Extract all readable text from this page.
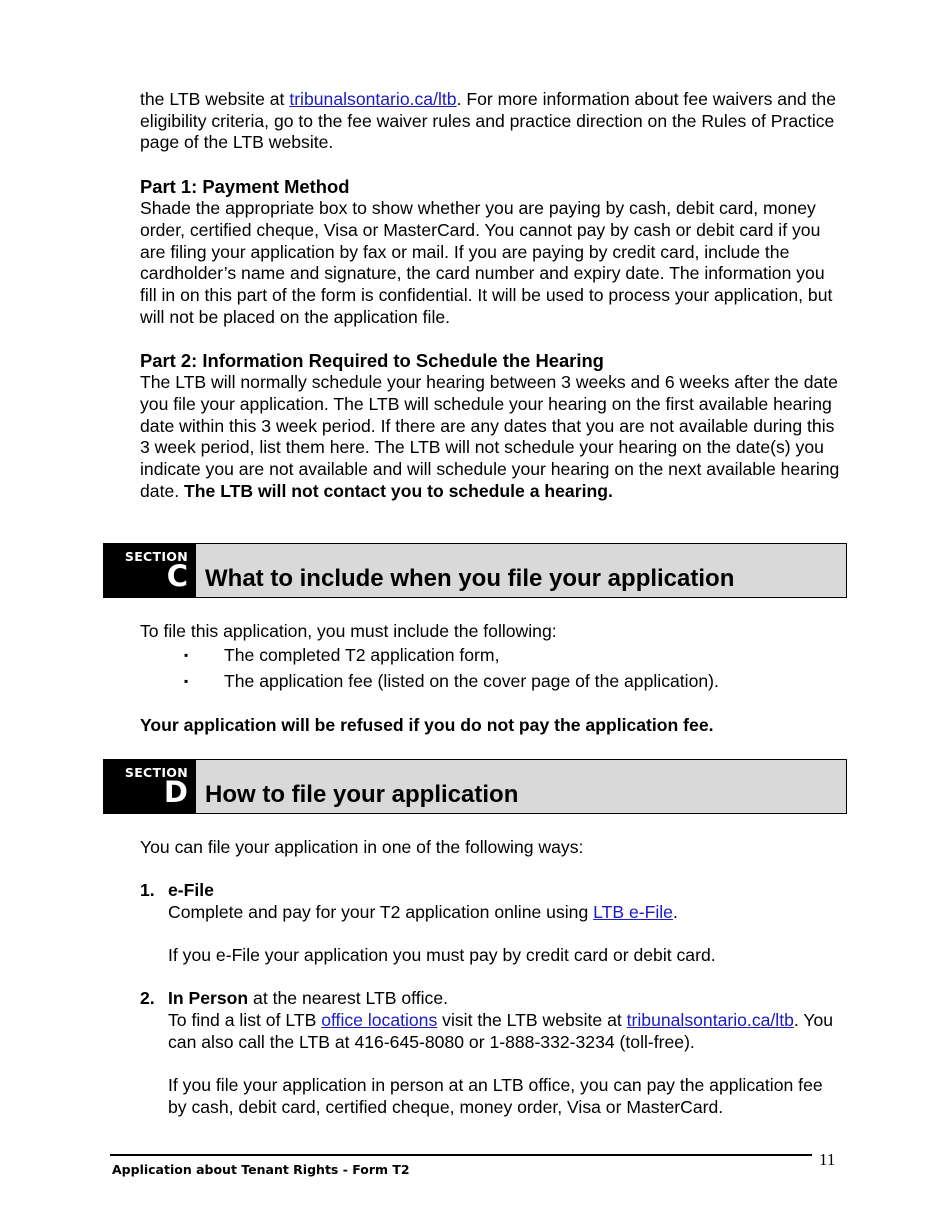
the LTB website at tribunalsontario.ca/ltb. For more information about fee waivers and the eligibility criteria, go to the fee waiver rules and practice direction on the Rules of Practice page of the LTB website.

Part 1: Payment Method

Shade the appropriate box to show whether you are paying by cash, debit card, money order, certified cheque, Visa or MasterCard. You cannot pay by cash or debit card if you are filing your application by fax or mail. If you are paying by credit card, include the cardholder’s name and signature, the card number and expiry date. The information you fill in on this part of the form is confidential. It will be used to process your application, but will not be placed on the application file.

Part 2: Information Required to Schedule the Hearing

The LTB will normally schedule your hearing between 3 weeks and 6 weeks after the date you file your application. The LTB will schedule your hearing on the first available hearing date within this 3 week period. If there are any dates that you are not available during this 3 week period, list them here. The LTB will not schedule your hearing on the date(s) you indicate you are not available and will schedule your hearing on the next available hearing date. The LTB will not contact you to schedule a hearing.

SECTION
C What to include when you file your application

To file this application, you must include the following:

▪ The completed T2 application form,
▪ The application fee (listed on the cover page of the application).

Your application will be refused if you do not pay the application fee.

SECTION
D How to file your application

You can file your application in one of the following ways:

1. e-File

Complete and pay for your T2 application online using LTB e-File.

If you e-File your application you must pay by credit card or debit card.

2. In Person at the nearest LTB office.

To find a list of LTB office locations visit the LTB website at tribunalsontario.ca/ltb. You can also call the LTB at 416-645-8080 or 1-888-332-3234 (toll-free).

If you file your application in person at an LTB office, you can pay the application fee by cash, debit card, certified cheque, money order, Visa or MasterCard.

Application about Tenant Rights - Form T2
11
